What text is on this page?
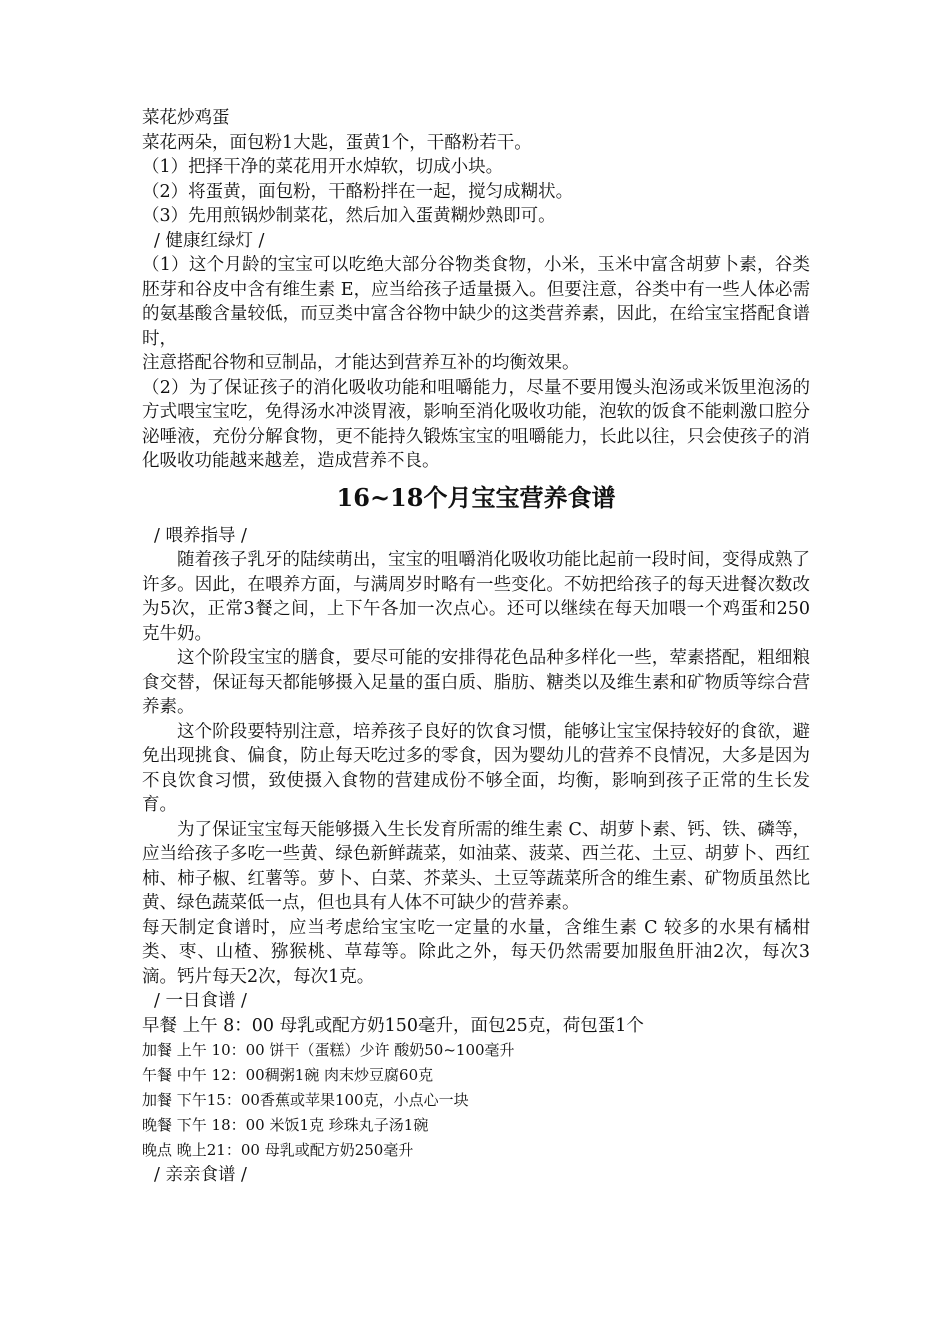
菜花炒鸡蛋
菜花两朵，面包粉1大匙，蛋黄1个，干酪粉若干。
（1）把择干净的菜花用开水焯软，切成小块。
（2）将蛋黄，面包粉，干酪粉拌在一起，搅匀成糊状。
（3）先用煎锅炒制菜花，然后加入蛋黄糊炒熟即可。
/ 健康红绿灯 /
（1）这个月龄的宝宝可以吃绝大部分谷物类食物，小米，玉米中富含胡萝卜素，谷类胚芽和谷皮中含有维生素 E，应当给孩子适量摄入。但要注意，谷类中有一些人体必需的氨基酸含量较低，而豆类中富含谷物中缺少的这类营养素，因此，在给宝宝搭配食谱时，
注意搭配谷物和豆制品，才能达到营养互补的均衡效果。
（2）为了保证孩子的消化吸收功能和咀嚼能力，尽量不要用馒头泡汤或米饭里泡汤的方式喂宝宝吃，免得汤水冲淡胃液，影响至消化吸收功能，泡软的饭食不能刺激口腔分泌唾液，充份分解食物，更不能持久锻炼宝宝的咀嚼能力，长此以往，只会使孩子的消化吸收功能越来越差，造成营养不良。
16~18个月宝宝营养食谱
/ 喂养指导 /
随着孩子乳牙的陆续萌出，宝宝的咀嚼消化吸收功能比起前一段时间，变得成熟了许多。因此，在喂养方面，与满周岁时略有一些变化。不妨把给孩子的每天进餐次数改为5次，正常3餐之间，上下午各加一次点心。还可以继续在每天加喂一个鸡蛋和250克牛奶。
这个阶段宝宝的膳食，要尽可能的安排得花色品种多样化一些，荤素搭配，粗细粮食交替，保证每天都能够摄入足量的蛋白质、脂肪、糖类以及维生素和矿物质等综合营养素。
这个阶段要特别注意，培养孩子良好的饮食习惯，能够让宝宝保持较好的食欲，避免出现挑食、偏食，防止每天吃过多的零食，因为婴幼儿的营养不良情况，大多是因为不良饮食习惯，致使摄入食物的营建成份不够全面，均衡，影响到孩子正常的生长发育。
为了保证宝宝每天能够摄入生长发育所需的维生素 C、胡萝卜素、钙、铁、磷等，应当给孩子多吃一些黄、绿色新鲜蔬菜，如油菜、菠菜、西兰花、土豆、胡萝卜、西红柿、柿子椒、红薯等。萝卜、白菜、芥菜头、土豆等蔬菜所含的维生素、矿物质虽然比黄、绿色蔬菜低一点，但也具有人体不可缺少的营养素。
每天制定食谱时，应当考虑给宝宝吃一定量的水量，含维生素 C 较多的水果有橘柑类、枣、山楂、猕猴桃、草莓等。除此之外，每天仍然需要加服鱼肝油2次，每次3滴。钙片每天2次，每次1克。
/ 一日食谱 /
早餐 上午 8：00 母乳或配方奶150毫升，面包25克，荷包蛋1个
加餐 上午 10：00 饼干（蛋糕）少许 酸奶50~100毫升
午餐 中午 12：00稠粥1碗 肉末炒豆腐60克
加餐 下午15：00香蕉或苹果100克，小点心一块
晚餐 下午 18：00 米饭1克 珍珠丸子汤1碗
晚点 晚上21：00 母乳或配方奶250毫升
/ 亲亲食谱 /
